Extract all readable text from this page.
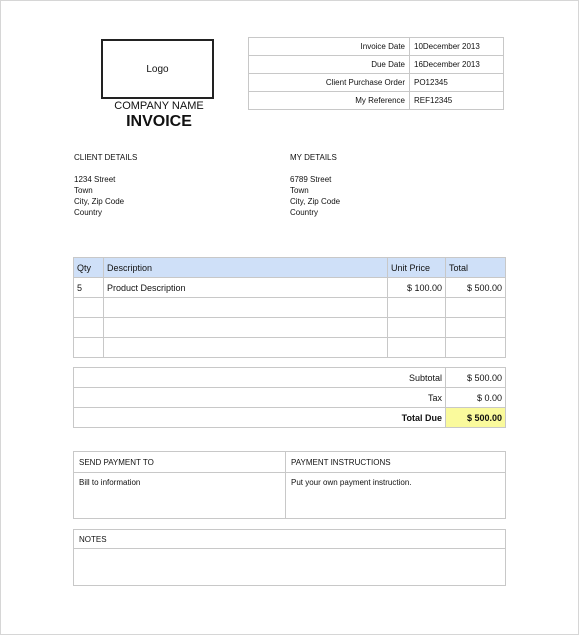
Logo
COMPANY NAME
INVOICE
Invoice Date	10December 2013
Due Date	16December 2013
Client Purchase Order	PO12345
My Reference	REF12345
CLIENT DETAILS
1234 Street
Town
City, Zip Code
Country
MY DETAILS
6789 Street
Town
City, Zip Code
Country
Qty	Description	Unit Price	Total
5	Product Description	$ 100.00	$ 500.00

Subtotal	$ 500.00
Tax	$ 0.00
Total Due	$ 500.00
SEND PAYMENT TO	PAYMENT INSTRUCTIONS
Bill to information	Put your own payment instruction.
NOTES
